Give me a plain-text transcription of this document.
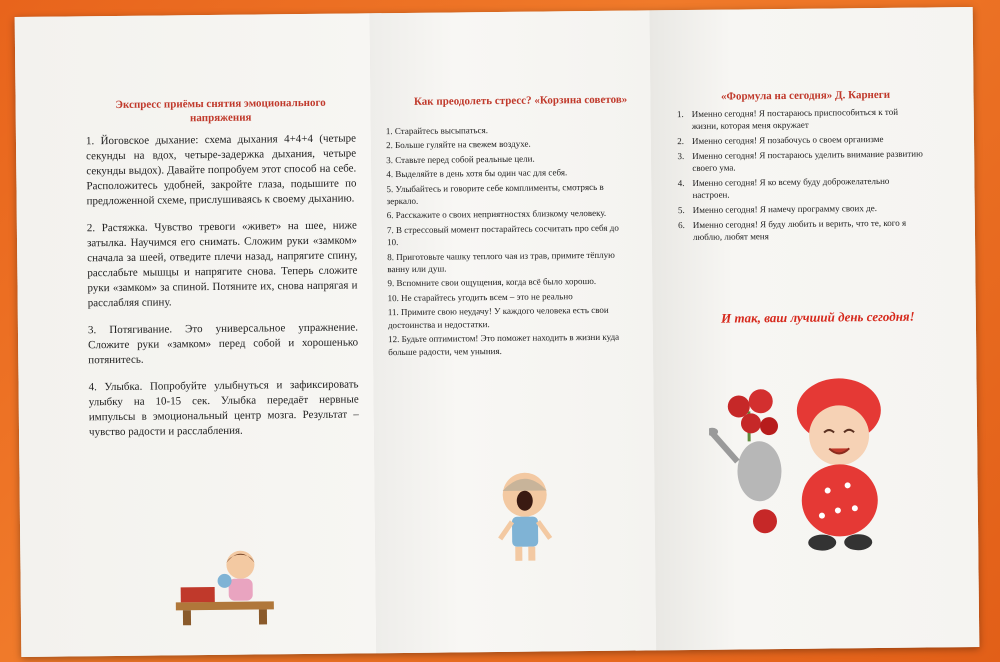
Экспресс приёмы снятия эмоционального напряжения

1. Йоговское дыхание: схема дыхания 4+4+4 (четыре секунды на вдох, четыре-задержка дыхания, четыре секунды выдох). Давайте попробуем этот способ на себе. Расположитесь удобней, закройте глаза, подышите по предложенной схеме, прислушиваясь к своему дыханию.

2. Растяжка. Чувство тревоги «живет» на шее, ниже затылка. Научимся его снимать. Сложим руки «замком» сначала за шеей, отведите плечи назад, напрягите спину, расслабьте мышцы и напрягите снова. Теперь сложите руки «замком» за спиной. Потяните их, снова напрягая и расслабляя спину.

3. Потягивание. Это универсальное упражнение. Сложите руки «замком» перед собой и хорошенько потянитесь.

4. Улыбка. Попробуйте улыбнуться и зафиксировать улыбку на 10-15 сек. Улыбка передаёт нервные импульсы в эмоциональный центр мозга. Результат – чувство радости и расслабления.

Как преодолеть стресс? «Корзина советов»
1. Старайтесь высыпаться.
2. Больше гуляйте на свежем воздухе.
3. Ставьте перед собой реальные цели.
4. Выделяйте в день хотя бы один час для себя.
5. Улыбайтесь и говорите себе комплименты, смотрясь в зеркало.
6. Расскажите о своих неприятностях близкому человеку.
7. В стрессовый момент постарайтесь сосчитать про себя до 10.
8. Приготовьте чашку теплого чая из трав, примите тёплую ванну или душ.
9. Вспомните свои ощущения, когда всё было хорошо.
10. Не старайтесь угодить всем – это не реально
11. Примите свою неудачу! У каждого человека есть свои достоинства и недостатки.
12. Будьте оптимистом! Это поможет находить в жизни куда больше радости, чем уныния.
«Формула на сегодня» Д. Карнеги
1. Именно сегодня! Я постараюсь приспособиться к той жизни, которая меня окружает
2. Именно сегодня! Я позабочусь о своем организме
3. Именно сегодня! Я постараюсь уделить внимание развитию своего ума.
4. Именно сегодня! Я ко всему буду доброжелательно настроен.
5. Именно сегодня! Я намечу программу своих де.
6. Именно сегодня! Я буду любить и верить, что те, кого я люблю, любят меня
И так, ваш лучший день сегодня!
